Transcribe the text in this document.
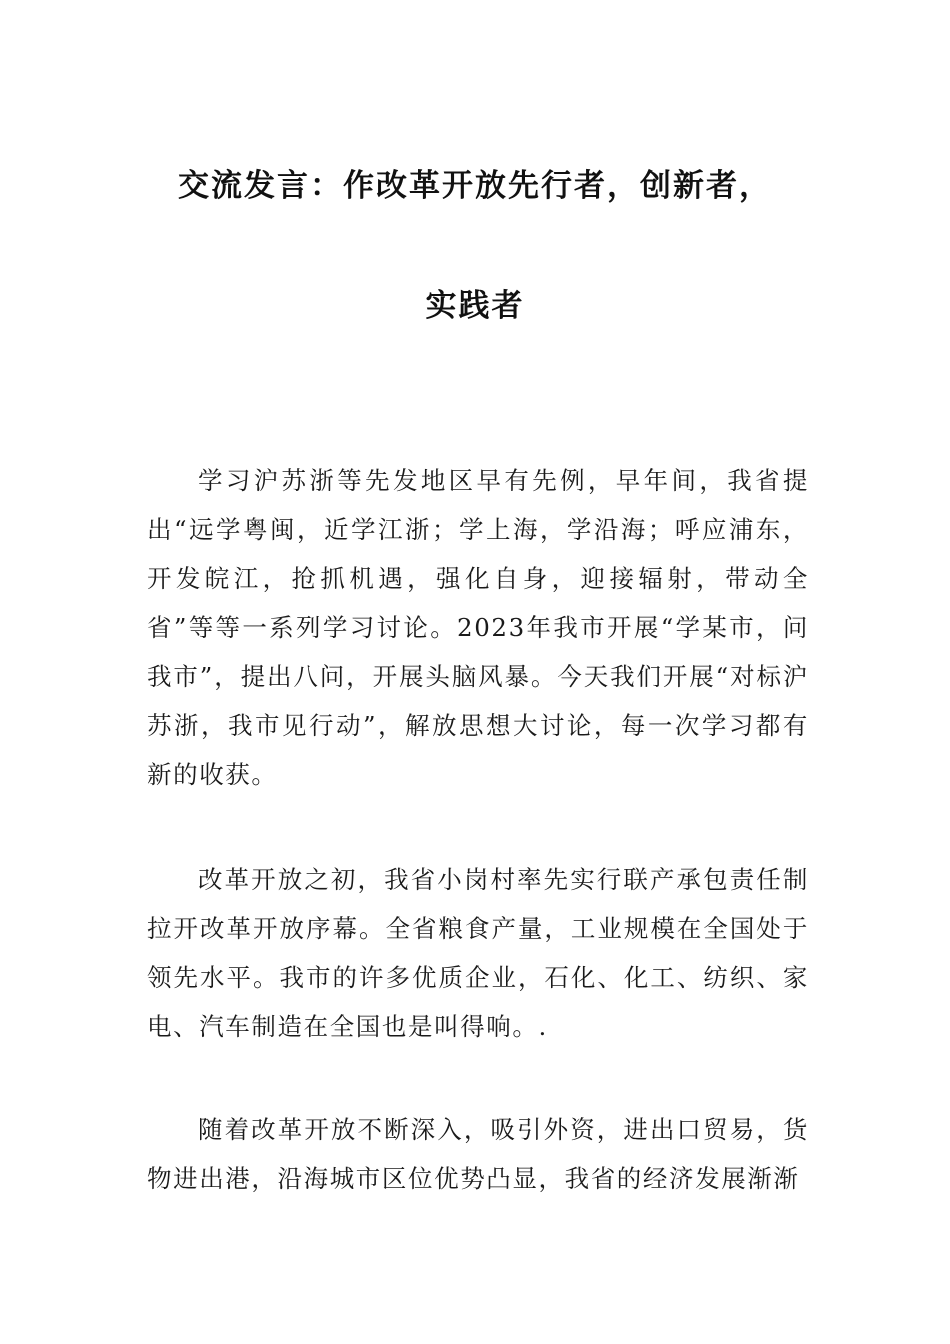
交流发言：作改革开放先行者，创新者，
实践者

学习沪苏浙等先发地区早有先例，早年间，我省提出“远学粤闽，近学江浙；学上海，学沿海；呼应浦东，开发皖江，抢抓机遇，强化自身，迎接辐射，带动全省”等等一系列学习讨论。2023年我市开展“学某市，问我市”，提出八问，开展头脑风暴。今天我们开展“对标沪苏浙，我市见行动”，解放思想大讨论，每一次学习都有新的收获。

改革开放之初，我省小岗村率先实行联产承包责任制拉开改革开放序幕。全省粮食产量，工业规模在全国处于领先水平。我市的许多优质企业，石化、化工、纺织、家电、汽车制造在全国也是叫得响。.

随着改革开放不断深入，吸引外资，进出口贸易，货物进出港，沿海城市区位优势凸显，我省的经济发展渐渐
